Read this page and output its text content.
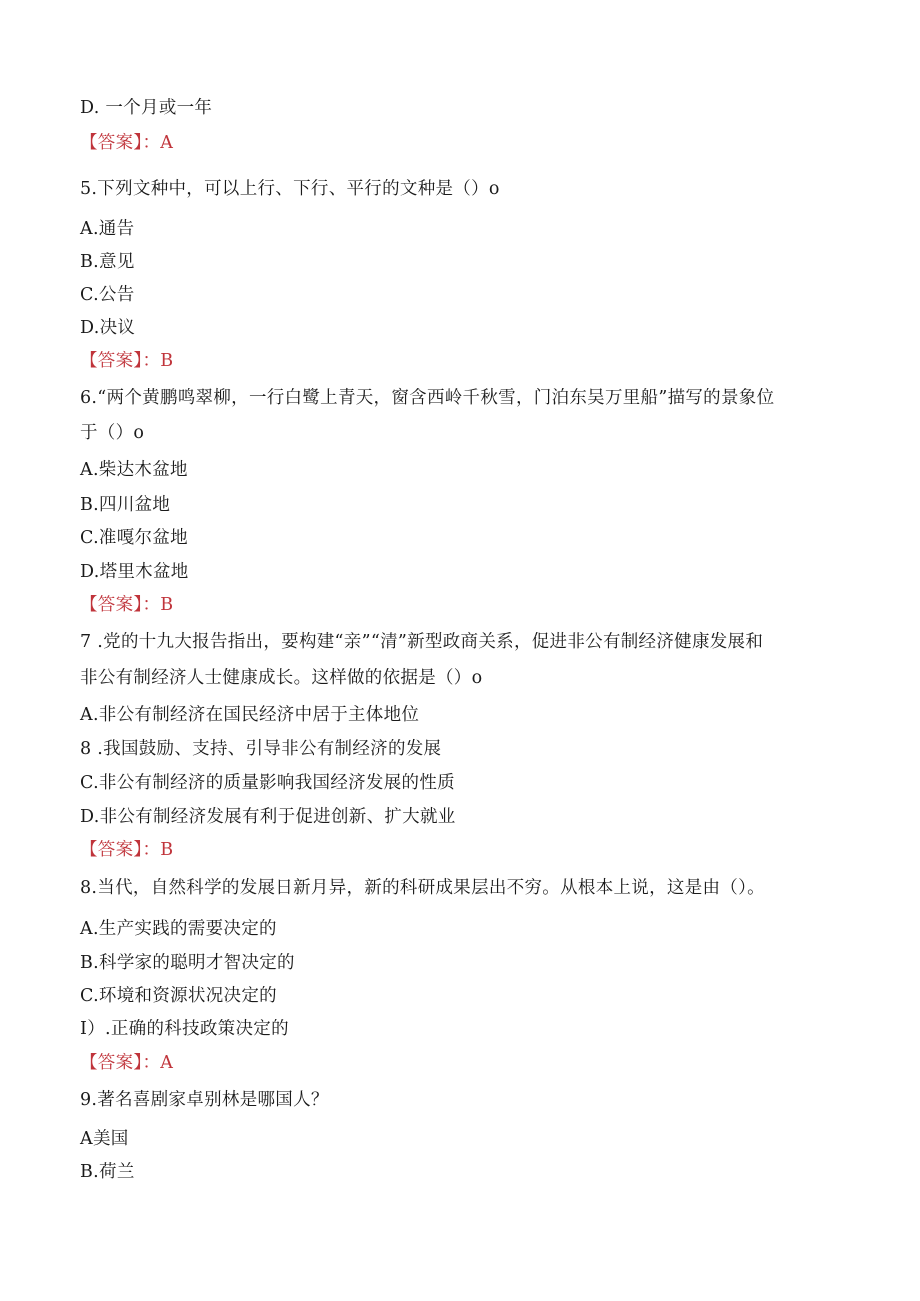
D. 一个月或一年
【答案】：A
5.下列文种中，可以上行、下行、平行的文种是（）o
A.通告
B.意见
C.公告
D.决议
【答案】：B
6.“两个黄鹏鸣翠柳，一行白鹭上青天，窗含西岭千秋雪，门泊东吴万里船”描写的景象位
于（）o
A.柴达木盆地
B.四川盆地
C.准嘎尔盆地
D.塔里木盆地
【答案】：B
7 .党的十九大报告指出，要构建“亲”“清”新型政商关系，促进非公有制经济健康发展和
非公有制经济人士健康成长。这样做的依据是（）o
A.非公有制经济在国民经济中居于主体地位
8 .我国鼓励、支持、引导非公有制经济的发展
C.非公有制经济的质量影响我国经济发展的性质
D.非公有制经济发展有利于促进创新、扩大就业
【答案】：B
8.当代，自然科学的发展日新月异，新的科研成果层出不穷。从根本上说，这是由（）。
A.生产实践的需要决定的
B.科学家的聪明才智决定的
C.环境和资源状况决定的
I）.正确的科技政策决定的
【答案】：A
9.著名喜剧家卓别林是哪国人？
A美国
B.荷兰
